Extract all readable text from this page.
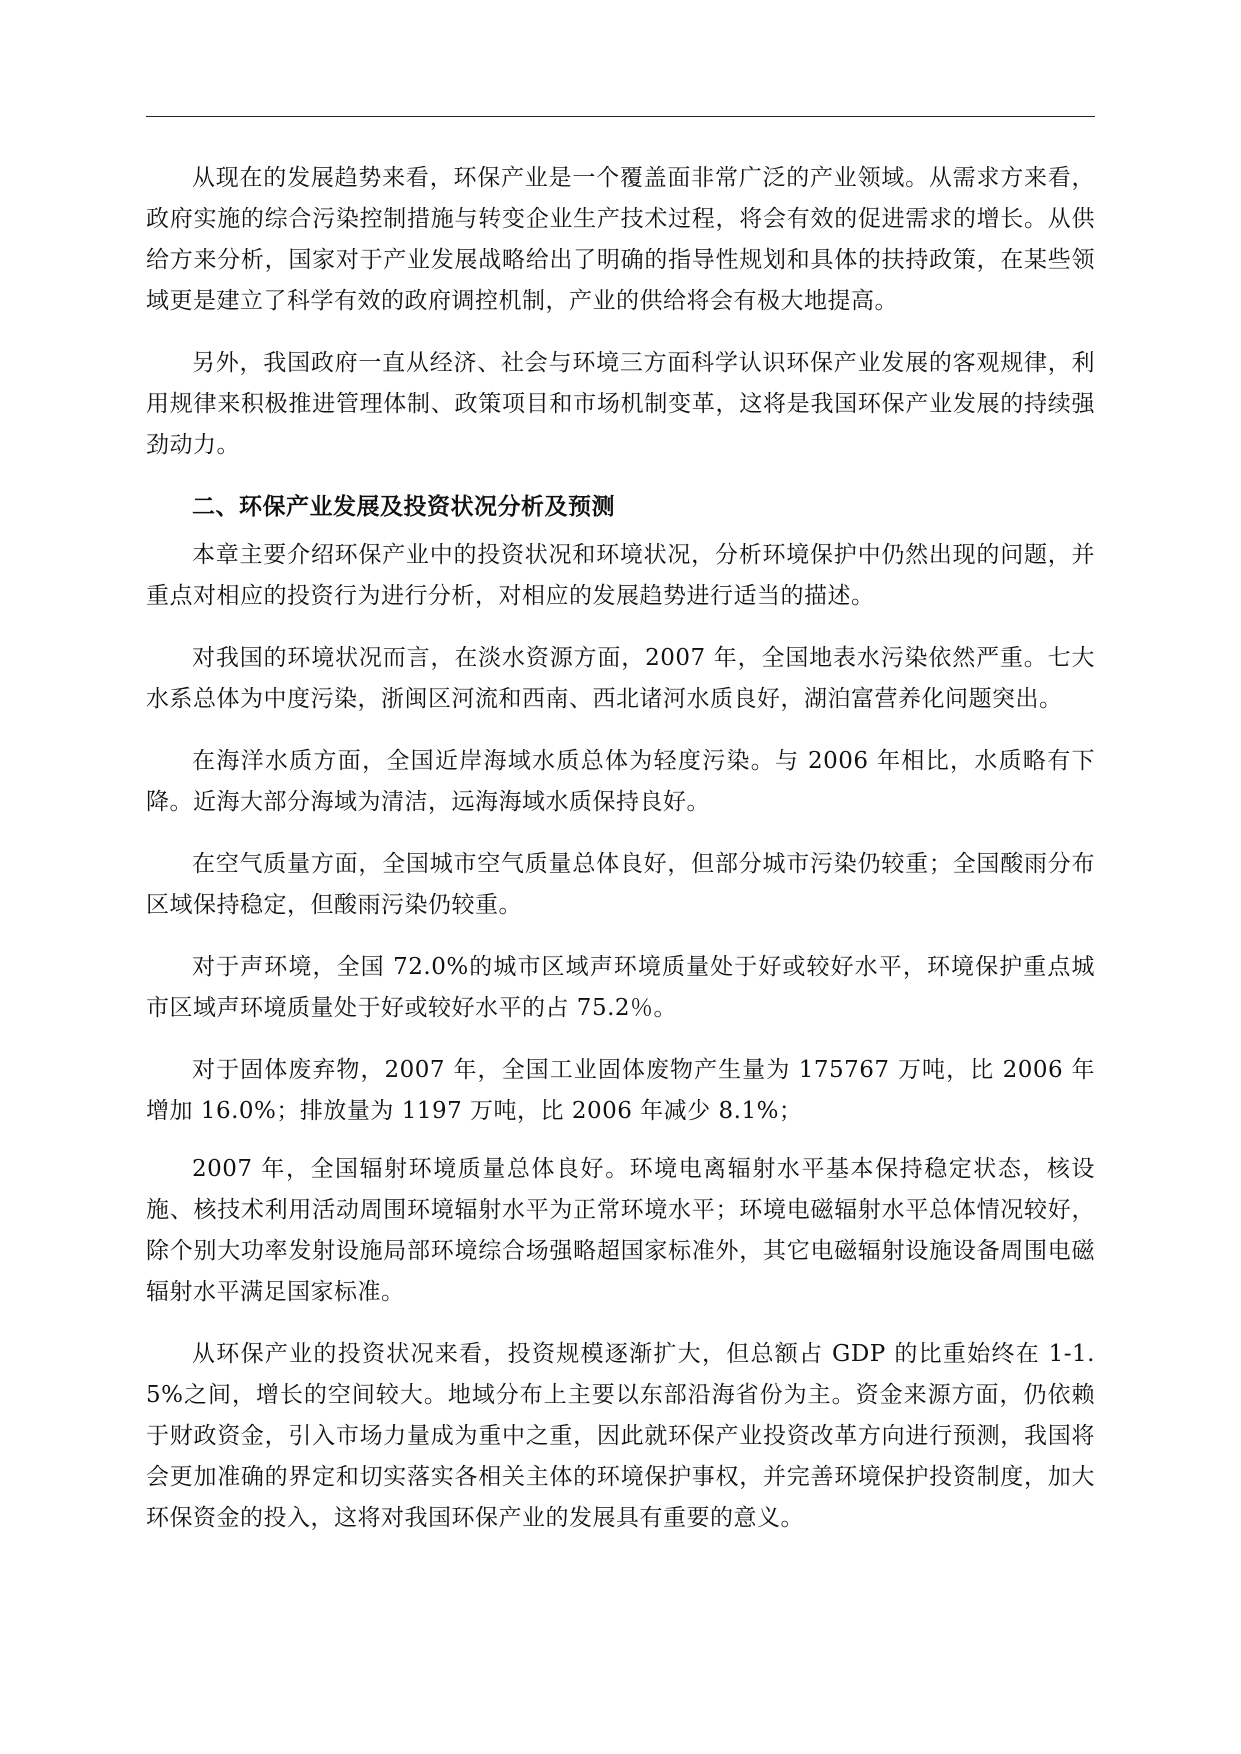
从现在的发展趋势来看，环保产业是一个覆盖面非常广泛的产业领域。从需求方来看，政府实施的综合污染控制措施与转变企业生产技术过程，将会有效的促进需求的增长。从供给方来分析，国家对于产业发展战略给出了明确的指导性规划和具体的扶持政策，在某些领域更是建立了科学有效的政府调控机制，产业的供给将会有极大地提高。

另外，我国政府一直从经济、社会与环境三方面科学认识环保产业发展的客观规律，利用规律来积极推进管理体制、政策项目和市场机制变革，这将是我国环保产业发展的持续强劲动力。

二、环保产业发展及投资状况分析及预测

本章主要介绍环保产业中的投资状况和环境状况，分析环境保护中仍然出现的问题，并重点对相应的投资行为进行分析，对相应的发展趋势进行适当的描述。

对我国的环境状况而言，在淡水资源方面，2007 年，全国地表水污染依然严重。七大水系总体为中度污染，浙闽区河流和西南、西北诸河水质良好，湖泊富营养化问题突出。

在海洋水质方面，全国近岸海域水质总体为轻度污染。与 2006 年相比，水质略有下降。近海大部分海域为清洁，远海海域水质保持良好。

在空气质量方面，全国城市空气质量总体良好，但部分城市污染仍较重；全国酸雨分布区域保持稳定，但酸雨污染仍较重。

对于声环境，全国 72.0%的城市区域声环境质量处于好或较好水平，环境保护重点城市区域声环境质量处于好或较好水平的占 75.2％。

对于固体废弃物，2007 年，全国工业固体废物产生量为 175767 万吨，比 2006 年增加 16.0%；排放量为 1197 万吨，比 2006 年减少 8.1%；

2007 年，全国辐射环境质量总体良好。环境电离辐射水平基本保持稳定状态，核设施、核技术利用活动周围环境辐射水平为正常环境水平；环境电磁辐射水平总体情况较好，除个别大功率发射设施局部环境综合场强略超国家标准外，其它电磁辐射设施设备周围电磁辐射水平满足国家标准。

从环保产业的投资状况来看，投资规模逐渐扩大，但总额占 GDP 的比重始终在 1-1.5%之间，增长的空间较大。地域分布上主要以东部沿海省份为主。资金来源方面，仍依赖于财政资金，引入市场力量成为重中之重，因此就环保产业投资改革方向进行预测，我国将会更加准确的界定和切实落实各相关主体的环境保护事权，并完善环境保护投资制度，加大环保资金的投入，这将对我国环保产业的发展具有重要的意义。
